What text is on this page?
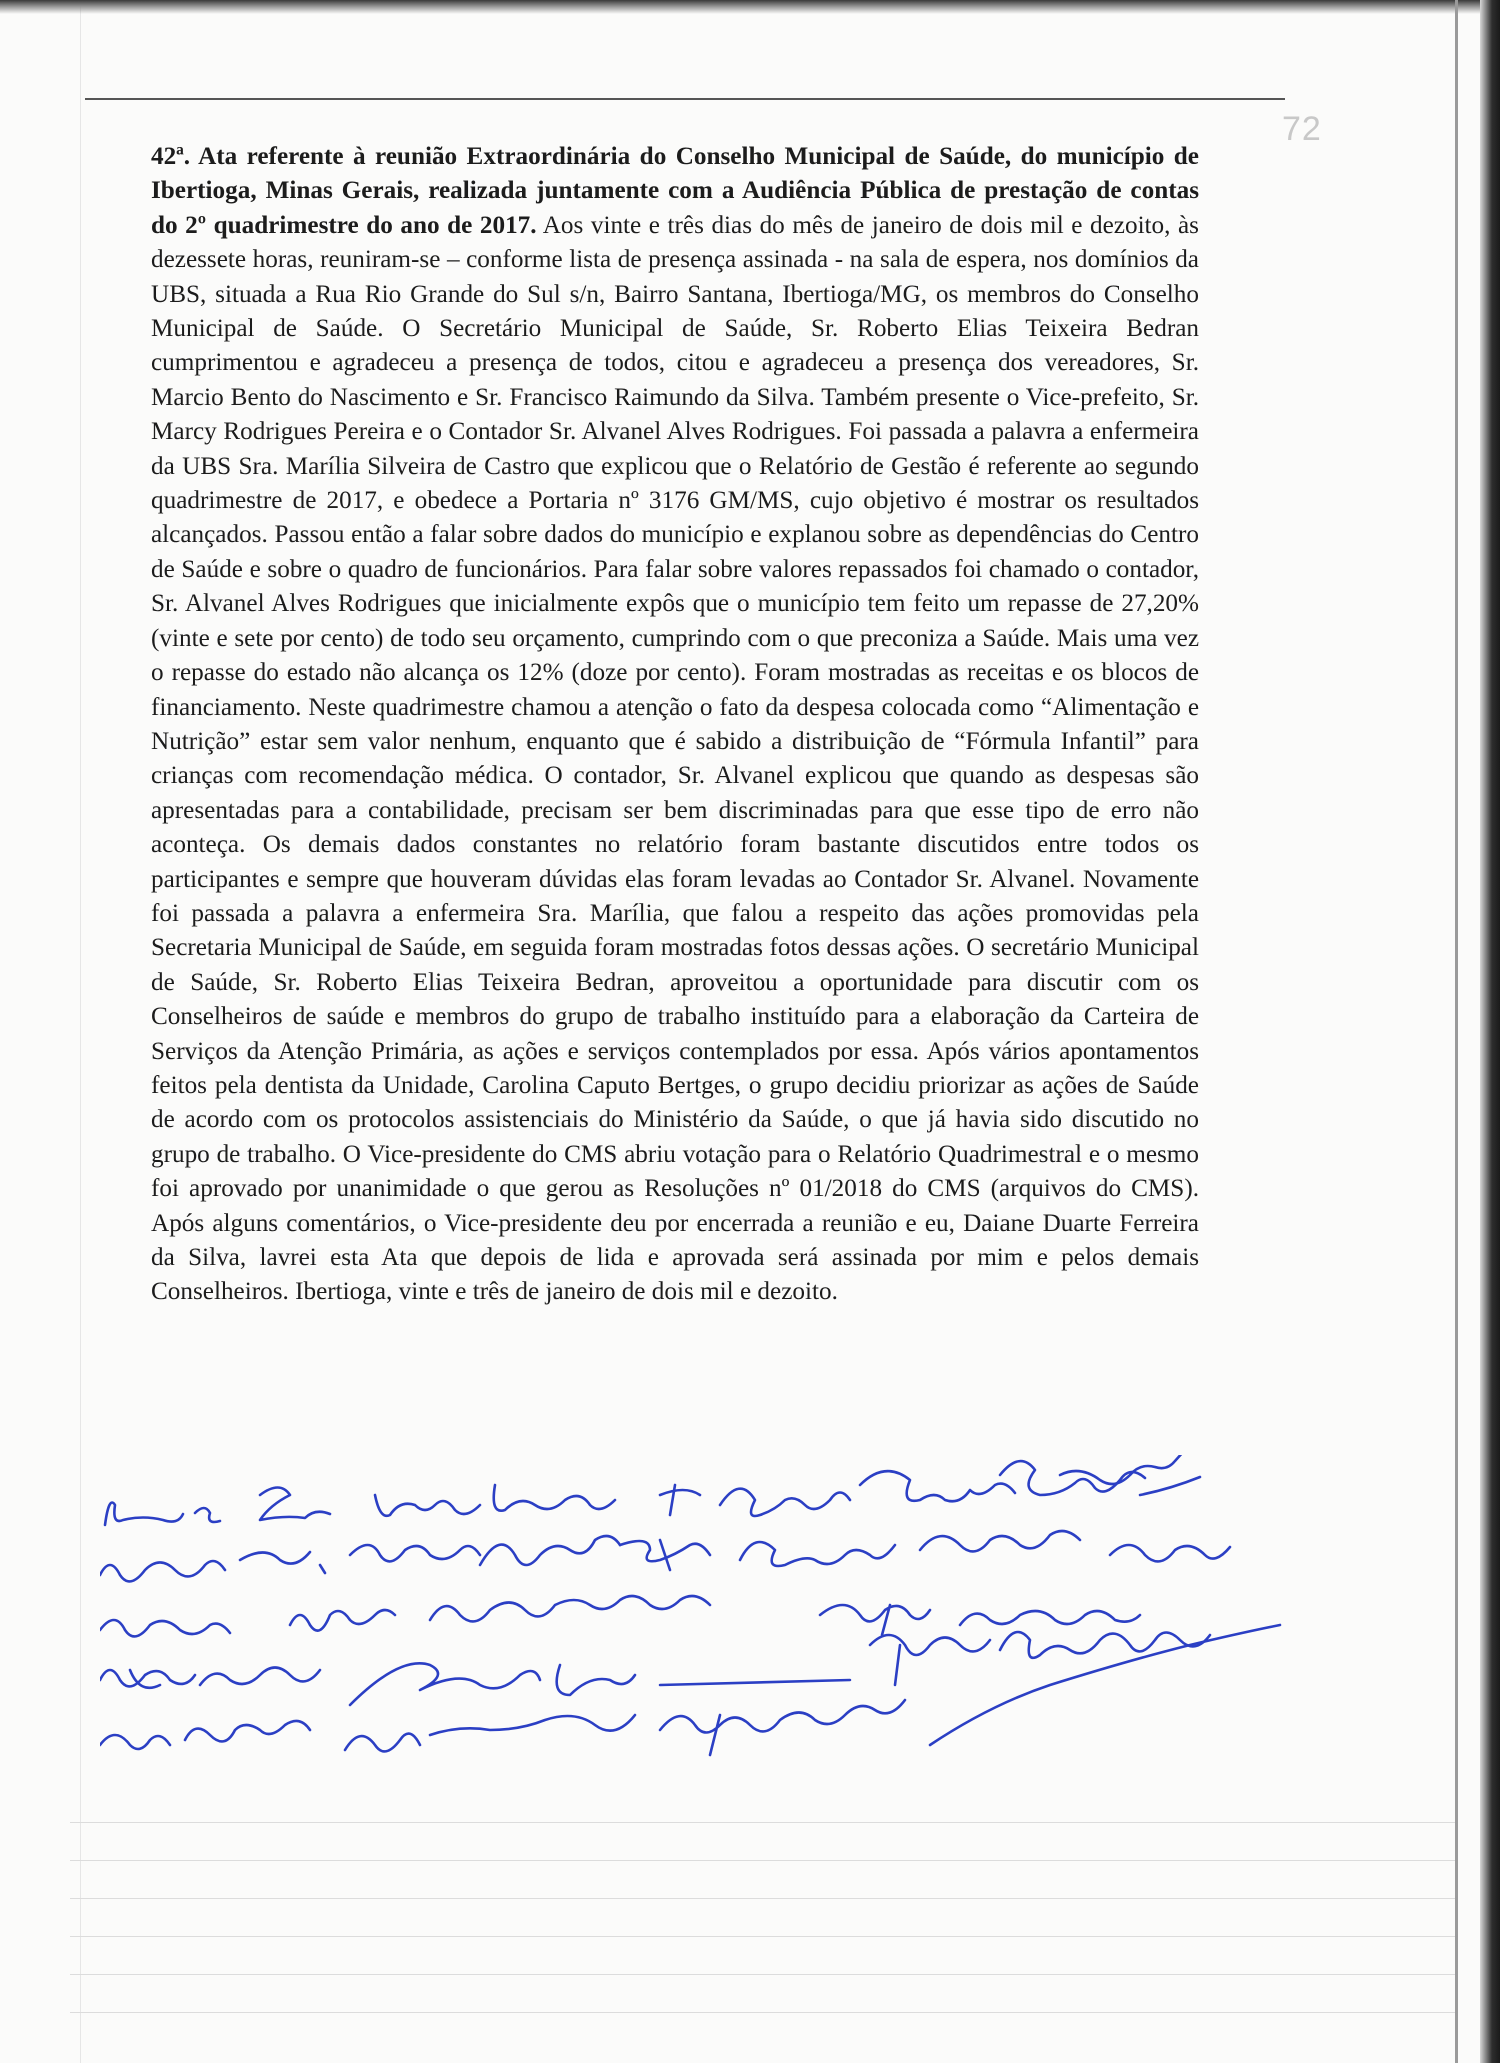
72

42ª. Ata referente à reunião Extraordinária do Conselho Municipal de Saúde, do município de Ibertioga, Minas Gerais, realizada juntamente com a Audiência Pública de prestação de contas do 2º quadrimestre do ano de 2017. Aos vinte e três dias do mês de janeiro de dois mil e dezoito, às dezessete horas, reuniram-se – conforme lista de presença assinada - na sala de espera, nos domínios da UBS, situada a Rua Rio Grande do Sul s/n, Bairro Santana, Ibertioga/MG, os membros do Conselho Municipal de Saúde. O Secretário Municipal de Saúde, Sr. Roberto Elias Teixeira Bedran cumprimentou e agradeceu a presença de todos, citou e agradeceu a presença dos vereadores, Sr. Marcio Bento do Nascimento e Sr. Francisco Raimundo da Silva. Também presente o Vice-prefeito, Sr. Marcy Rodrigues Pereira e o Contador Sr. Alvanel Alves Rodrigues. Foi passada a palavra a enfermeira da UBS Sra. Marília Silveira de Castro que explicou que o Relatório de Gestão é referente ao segundo quadrimestre de 2017, e obedece a Portaria nº 3176 GM/MS, cujo objetivo é mostrar os resultados alcançados. Passou então a falar sobre dados do município e explanou sobre as dependências do Centro de Saúde e sobre o quadro de funcionários. Para falar sobre valores repassados foi chamado o contador, Sr. Alvanel Alves Rodrigues que inicialmente expôs que o município tem feito um repasse de 27,20% (vinte e sete por cento) de todo seu orçamento, cumprindo com o que preconiza a Saúde. Mais uma vez o repasse do estado não alcança os 12% (doze por cento). Foram mostradas as receitas e os blocos de financiamento. Neste quadrimestre chamou a atenção o fato da despesa colocada como “Alimentação e Nutrição” estar sem valor nenhum, enquanto que é sabido a distribuição de “Fórmula Infantil” para crianças com recomendação médica. O contador, Sr. Alvanel explicou que quando as despesas são apresentadas para a contabilidade, precisam ser bem discriminadas para que esse tipo de erro não aconteça. Os demais dados constantes no relatório foram bastante discutidos entre todos os participantes e sempre que houveram dúvidas elas foram levadas ao Contador Sr. Alvanel. Novamente foi passada a palavra a enfermeira Sra. Marília, que falou a respeito das ações promovidas pela Secretaria Municipal de Saúde, em seguida foram mostradas fotos dessas ações. O secretário Municipal de Saúde, Sr. Roberto Elias Teixeira Bedran, aproveitou a oportunidade para discutir com os Conselheiros de saúde e membros do grupo de trabalho instituído para a elaboração da Carteira de Serviços da Atenção Primária, as ações e serviços contemplados por essa. Após vários apontamentos feitos pela dentista da Unidade, Carolina Caputo Bertges, o grupo decidiu priorizar as ações de Saúde de acordo com os protocolos assistenciais do Ministério da Saúde, o que já havia sido discutido no grupo de trabalho. O Vice-presidente do CMS abriu votação para o Relatório Quadrimestral e o mesmo foi aprovado por unanimidade o que gerou as Resoluções nº 01/2018 do CMS (arquivos do CMS). Após alguns comentários, o Vice-presidente deu por encerrada a reunião e eu, Daiane Duarte Ferreira da Silva, lavrei esta Ata que depois de lida e aprovada será assinada por mim e pelos demais Conselheiros. Ibertioga, vinte e três de janeiro de dois mil e dezoito.
